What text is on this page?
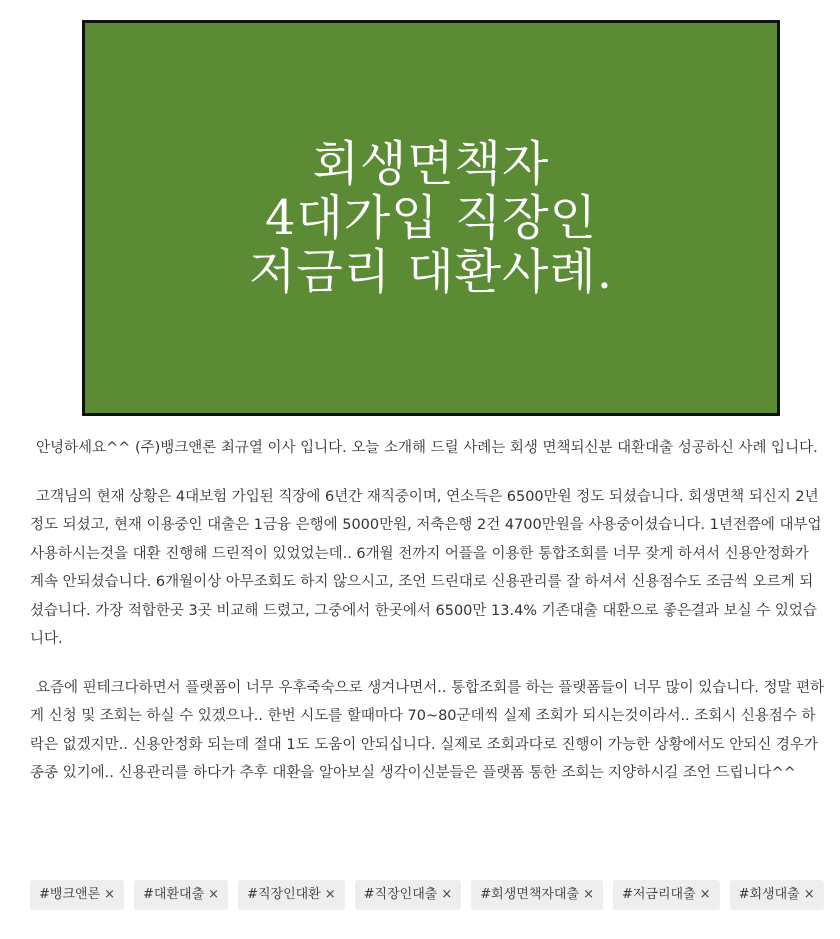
회생면책자
4대가입 직장인
저금리 대환사례.

안녕하세요^^ (주)뱅크앤론 최규열 이사 입니다. 오늘 소개해 드릴 사례는 회생 면책되신분 대환대출 성공하신 사례 입니다.

고객님의 현재 상황은 4대보험 가입된 직장에 6년간 재직중이며, 연소득은 6500만원 정도 되셨습니다. 회생면책 되신지 2년정도 되셨고, 현재 이용중인 대출은 1금융 은행에 5000만원, 저축은행 2건 4700만원을 사용중이셨습니다. 1년전쯤에 대부업 사용하시는것을 대환 진행해 드린적이 있었었는데.. 6개월 전까지 어플을 이용한 통합조회를 너무 잦게 하셔서 신용안정화가 계속 안되셨습니다. 6개월이상 아무조회도 하지 않으시고, 조언 드린대로 신용관리를 잘 하셔서 신용점수도 조금씩 오르게 되셨습니다. 가장 적합한곳 3곳 비교해 드렸고, 그중에서 한곳에서 6500만 13.4% 기존대출 대환으로 좋은결과 보실 수 있었습니다.

요즘에 핀테크다하면서 플랫폼이 너무 우후죽숙으로 생겨나면서.. 통합조회를 하는 플랫폼들이 너무 많이 있습니다. 정말 편하게 신청 및 조회는 하실 수 있겠으나.. 한번 시도를 할때마다 70~80군데씩 실제 조회가 되시는것이라서.. 조회시 신용점수 하락은 없겠지만.. 신용안정화 되는데 절대 1도 도움이 안되십니다. 실제로 조회과다로 진행이 가능한 상황에서도 안되신 경우가 종종 있기에.. 신용관리를 하다가 추후 대환을 알아보실 생각이신분들은 플랫폼 통한 조회는 지양하시길 조언 드립니다^^

#뱅크앤론 × #대환대출 × #직장인대환 × #직장인대출 × #회생면책자대출 × #저금리대출 × #회생대출 ×
